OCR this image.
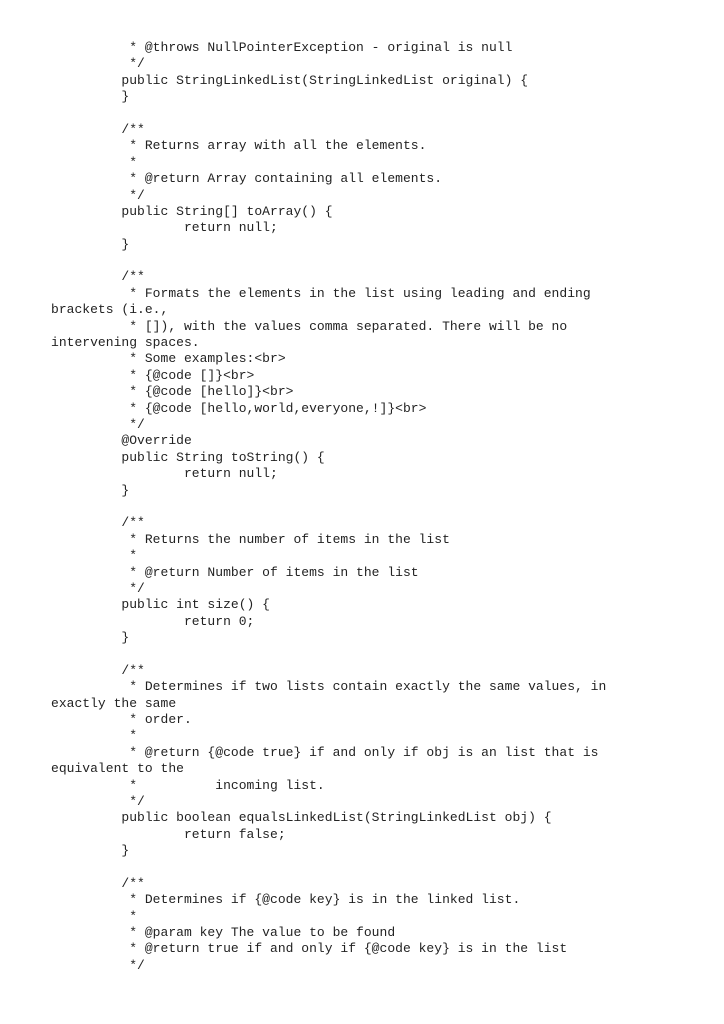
* @throws NullPointerException - original is null
*/
public StringLinkedList(StringLinkedList original) {
}
/**
* Returns array with all the elements.
*
* @return Array containing all elements.
*/
public String[] toArray() {
return null;
}
/**
* Formats the elements in the list using leading and ending
brackets (i.e.,
* []), with the values comma separated. There will be no
intervening spaces.
* Some examples:<br>
* {@code []}<br>
* {@code [hello]}<br>
* {@code [hello,world,everyone,!]}<br>
*/
@Override
public String toString() {
return null;
}
/**
* Returns the number of items in the list
*
* @return Number of items in the list
*/
public int size() {
return 0;
}
/**
* Determines if two lists contain exactly the same values, in
exactly the same
* order.
*
* @return {@code true} if and only if obj is an list that is
equivalent to the
*          incoming list.
*/
public boolean equalsLinkedList(StringLinkedList obj) {
return false;
}
/**
* Determines if {@code key} is in the linked list.
*
* @param key The value to be found
* @return true if and only if {@code key} is in the list
*/
